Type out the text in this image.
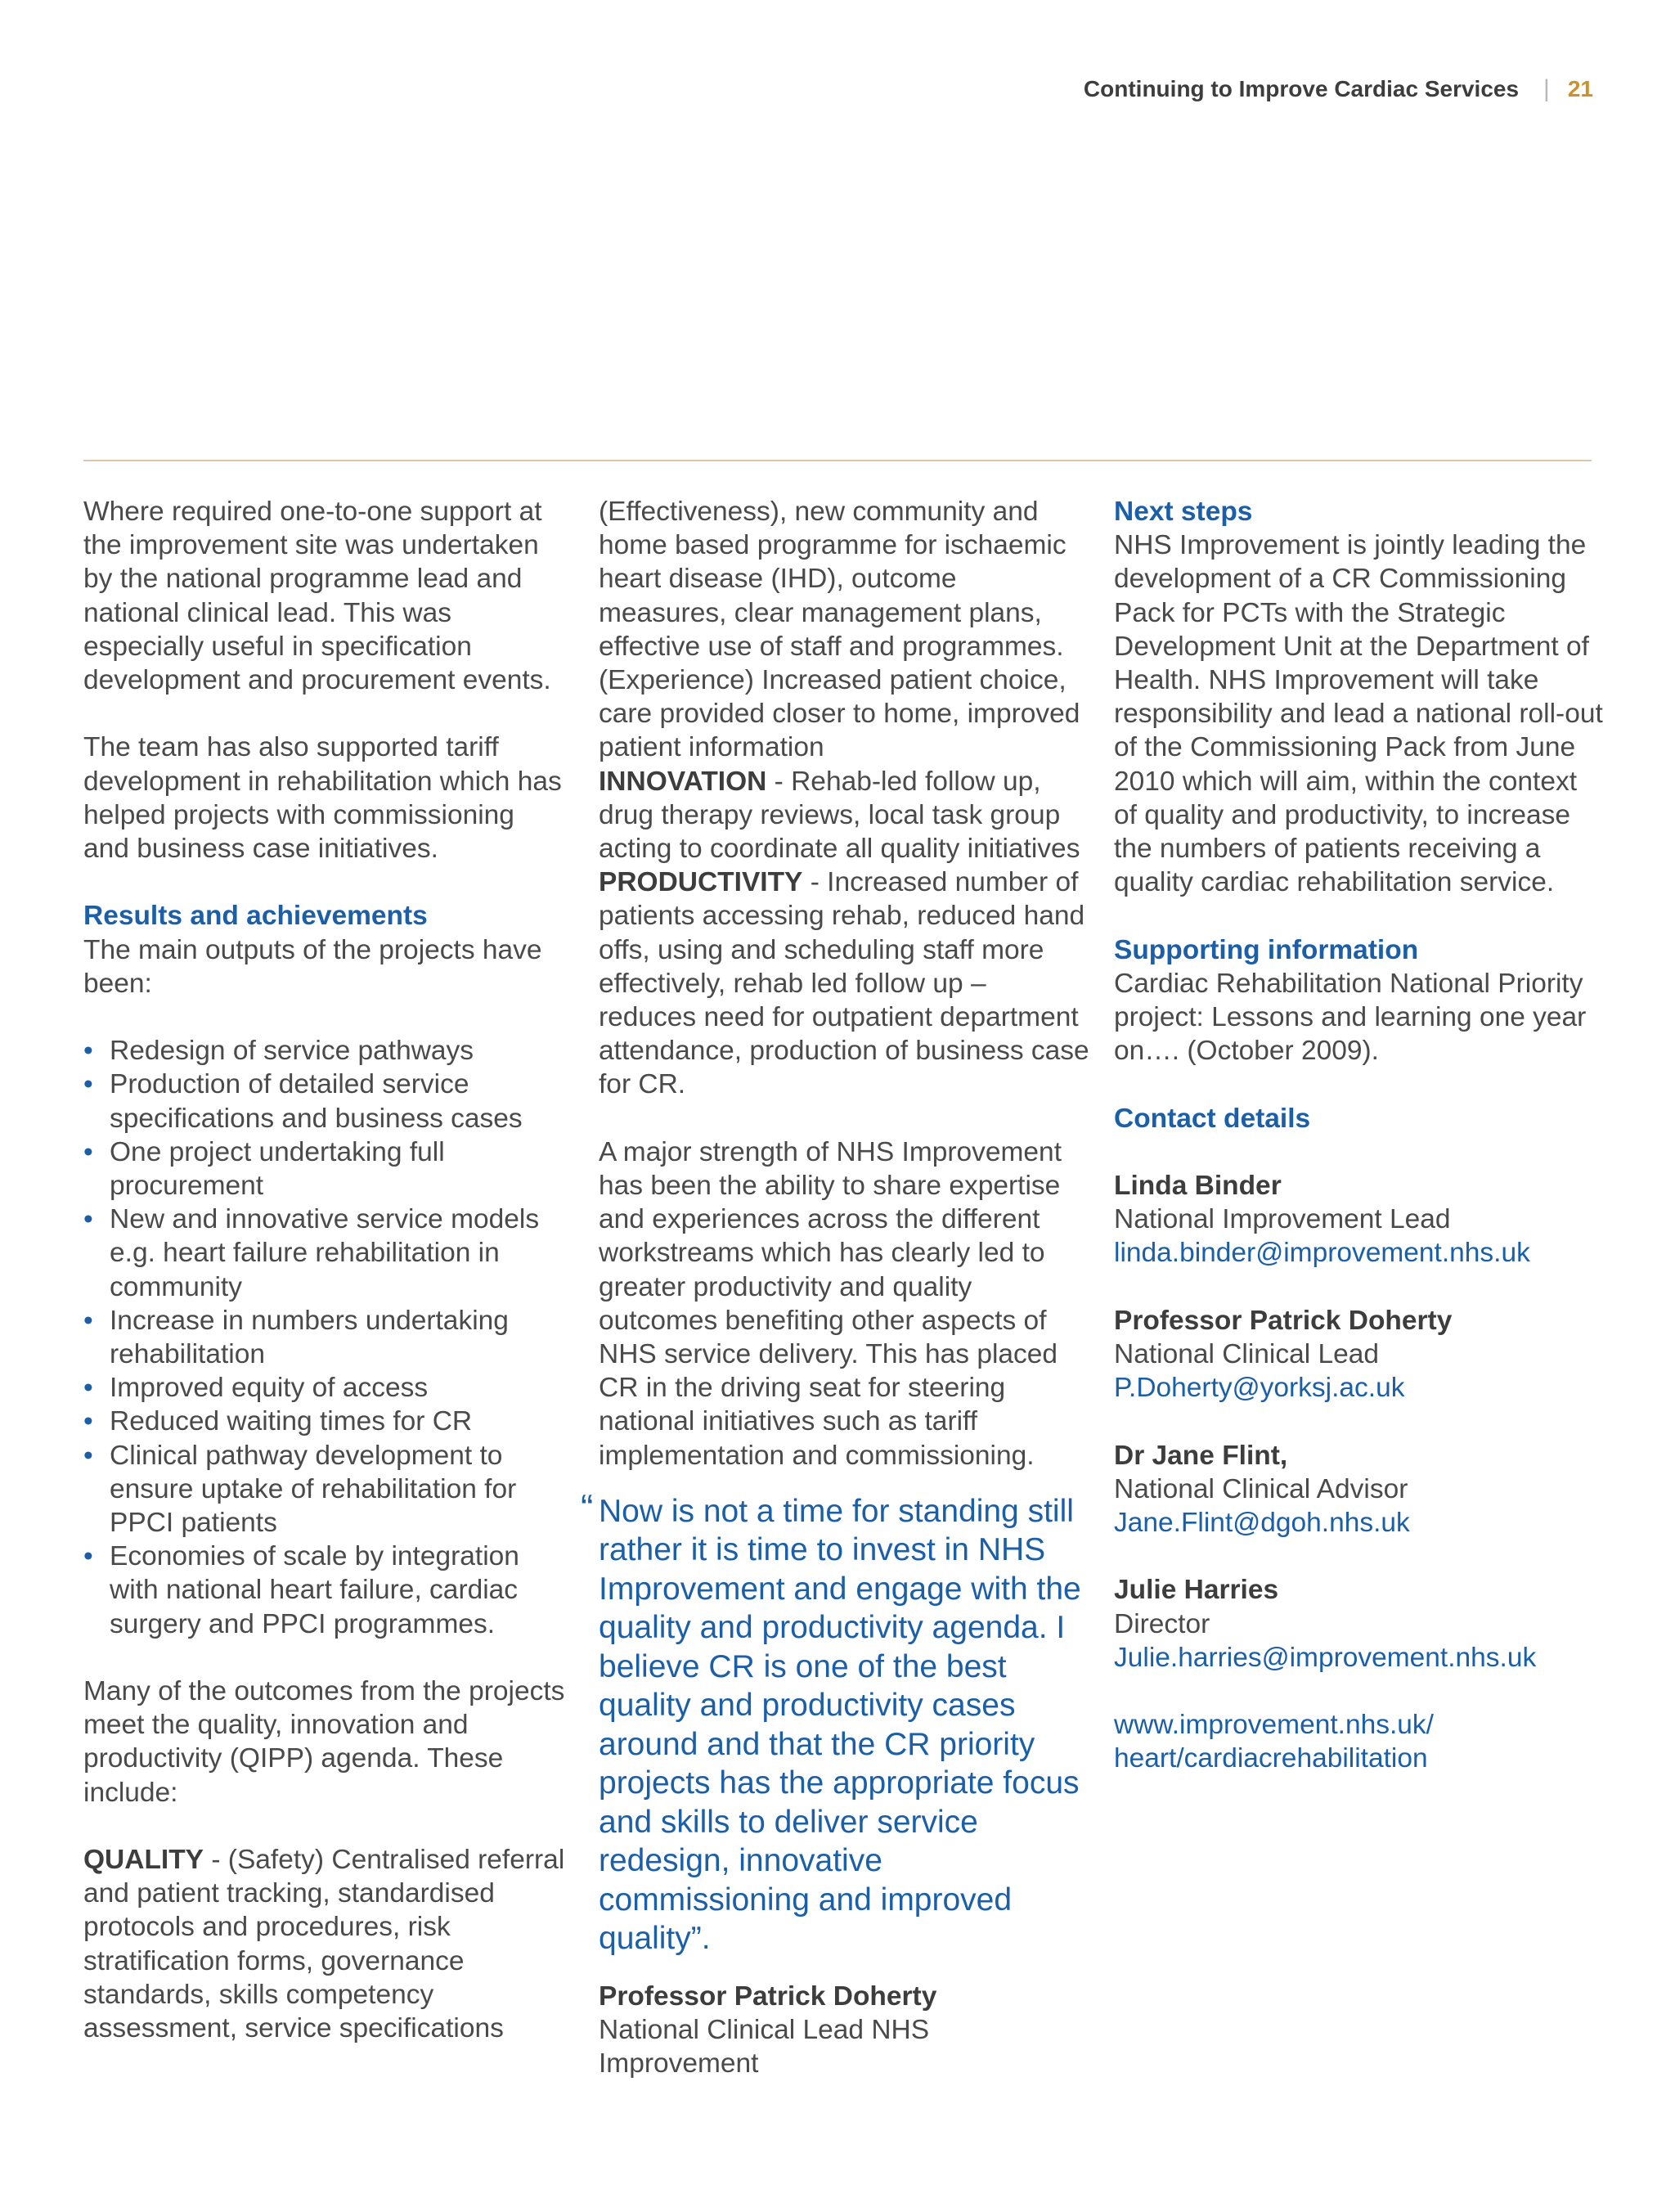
Continuing to Improve Cardiac Services | 21

Where required one-to-one support at the improvement site was undertaken by the national programme lead and national clinical lead. This was especially useful in specification development and procurement events.

The team has also supported tariff development in rehabilitation which has helped projects with commissioning and business case initiatives.

Results and achievements

The main outputs of the projects have been:

• Redesign of service pathways
• Production of detailed service specifications and business cases
• One project undertaking full procurement
• New and innovative service models e.g. heart failure rehabilitation in community
• Increase in numbers undertaking rehabilitation
• Improved equity of access
• Reduced waiting times for CR
• Clinical pathway development to ensure uptake of rehabilitation for PPCI patients
• Economies of scale by integration with national heart failure, cardiac surgery and PPCI programmes.

Many of the outcomes from the projects meet the quality, innovation and productivity (QIPP) agenda. These include:

QUALITY - (Safety) Centralised referral and patient tracking, standardised protocols and procedures, risk stratification forms, governance standards, skills competency assessment, service specifications

(Effectiveness), new community and home based programme for ischaemic heart disease (IHD), outcome measures, clear management plans, effective use of staff and programmes. (Experience) Increased patient choice, care provided closer to home, improved patient information

INNOVATION - Rehab-led follow up, drug therapy reviews, local task group acting to coordinate all quality initiatives

PRODUCTIVITY - Increased number of patients accessing rehab, reduced hand offs, using and scheduling staff more effectively, rehab led follow up – reduces need for outpatient department attendance, production of business case for CR.

A major strength of NHS Improvement has been the ability to share expertise and experiences across the different workstreams which has clearly led to greater productivity and quality outcomes benefiting other aspects of NHS service delivery. This has placed CR in the driving seat for steering national initiatives such as tariff implementation and commissioning.

“ Now is not a time for standing still rather it is time to invest in NHS Improvement and engage with the quality and productivity agenda. I believe CR is one of the best quality and productivity cases around and that the CR priority projects has the appropriate focus and skills to deliver service redesign, innovative commissioning and improved quality”.

Professor Patrick Doherty

National Clinical Lead NHS Improvement

Next steps

NHS Improvement is jointly leading the development of a CR Commissioning Pack for PCTs with the Strategic Development Unit at the Department of Health. NHS Improvement will take responsibility and lead a national roll-out of the Commissioning Pack from June 2010 which will aim, within the context of quality and productivity, to increase the numbers of patients receiving a quality cardiac rehabilitation service.

Supporting information

Cardiac Rehabilitation National Priority project: Lessons and learning one year on…. (October 2009).

Contact details

Linda Binder

National Improvement Lead

linda.binder@improvement.nhs.uk

Professor Patrick Doherty

National Clinical Lead

P.Doherty@yorksj.ac.uk

Dr Jane Flint,

National Clinical Advisor

Jane.Flint@dgoh.nhs.uk

Julie Harries

Director

Julie.harries@improvement.nhs.uk

www.improvement.nhs.uk/

heart/cardiacrehabilitation
